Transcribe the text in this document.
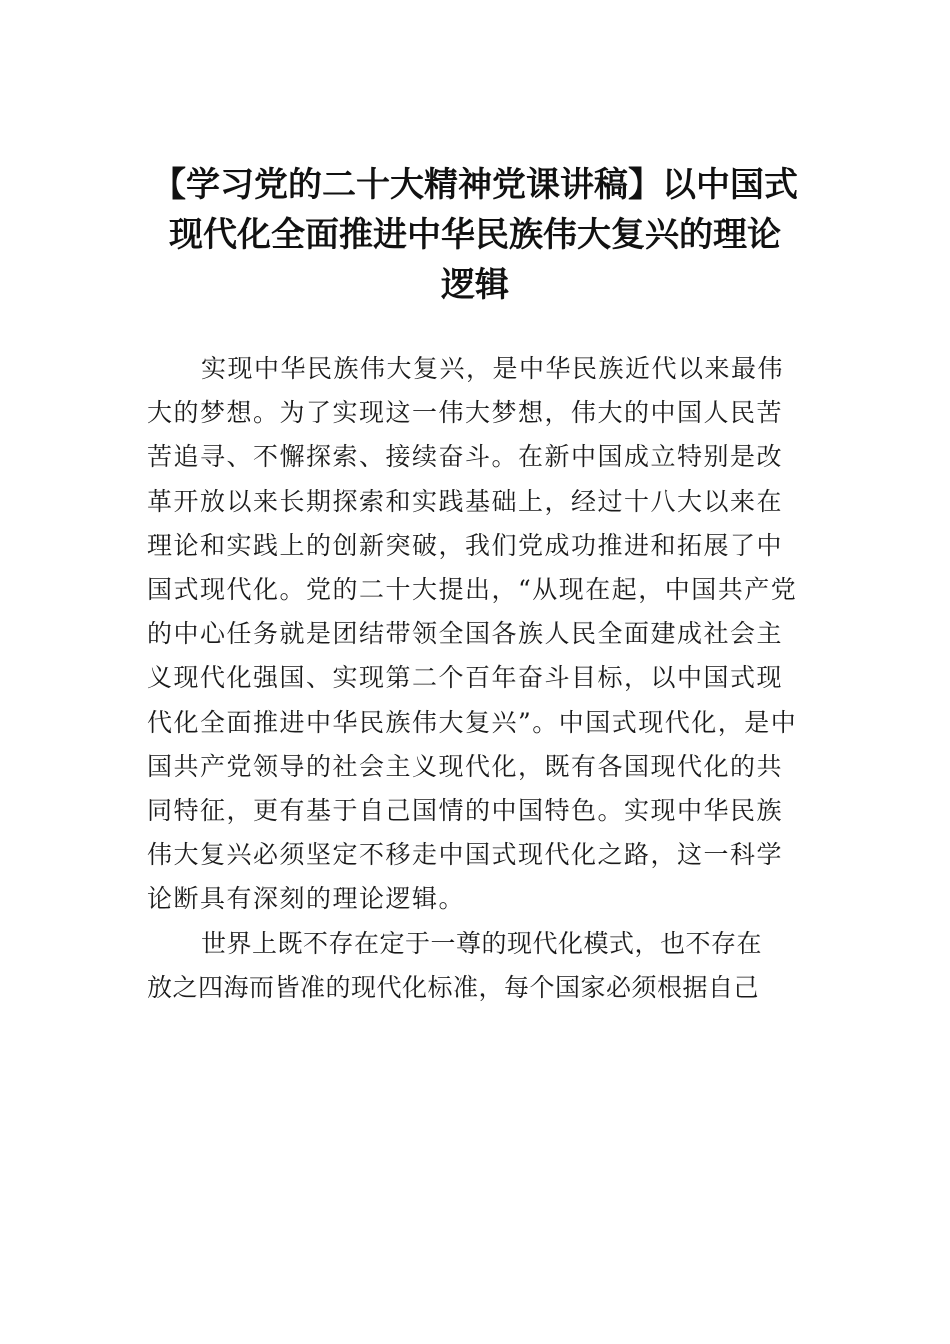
【学习党的二十大精神党课讲稿】以中国式
现代化全面推进中华民族伟大复兴的理论
逻辑

实现中华民族伟大复兴，是中华民族近代以来最伟
大的梦想。为了实现这一伟大梦想，伟大的中国人民苦
苦追寻、不懈探索、接续奋斗。在新中国成立特别是改
革开放以来长期探索和实践基础上，经过十八大以来在
理论和实践上的创新突破，我们党成功推进和拓展了中
国式现代化。党的二十大提出，“从现在起，中国共产党
的中心任务就是团结带领全国各族人民全面建成社会主
义现代化强国、实现第二个百年奋斗目标，以中国式现
代化全面推进中华民族伟大复兴”。中国式现代化，是中
国共产党领导的社会主义现代化，既有各国现代化的共
同特征，更有基于自己国情的中国特色。实现中华民族
伟大复兴必须坚定不移走中国式现代化之路，这一科学
论断具有深刻的理论逻辑。

世界上既不存在定于一尊的现代化模式，也不存在
放之四海而皆准的现代化标准，每个国家必须根据自己
